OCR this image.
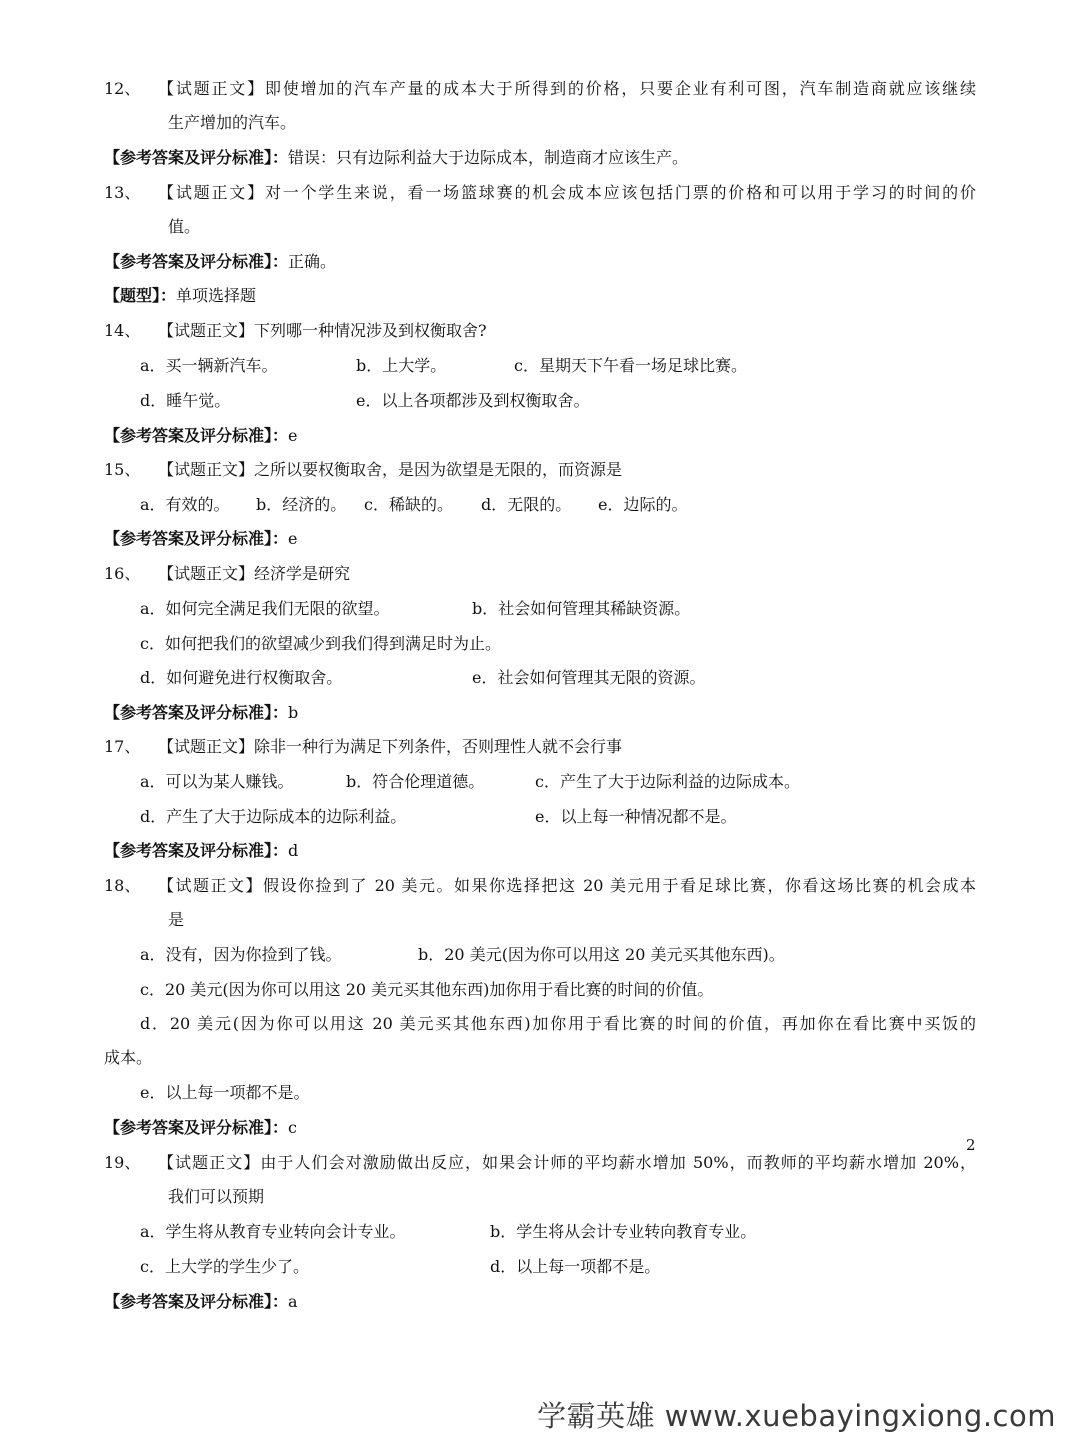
12、 【试题正文】即使增加的汽车产量的成本大于所得到的价格，只要企业有利可图，汽车制造商就应该继续
生产增加的汽车。
【参考答案及评分标准】：错误：只有边际利益大于边际成本，制造商才应该生产。
13、 【试题正文】对一个学生来说，看一场篮球赛的机会成本应该包括门票的价格和可以用于学习的时间的价
值。
【参考答案及评分标准】：正确。
【题型】：单项选择题
14、 【试题正文】下列哪一种情况涉及到权衡取舍?
a．买一辆新汽车。	b．上大学。	c．星期天下午看一场足球比赛。
d．睡午觉。	e．以上各项都涉及到权衡取舍。
【参考答案及评分标准】：e
15、 【试题正文】之所以要权衡取舍，是因为欲望是无限的，而资源是
a．有效的。 b．经济的。 c．稀缺的。 d．无限的。 e．边际的。
【参考答案及评分标准】：e
16、 【试题正文】经济学是研究
a．如何完全满足我们无限的欲望。	b．社会如何管理其稀缺资源。
c．如何把我们的欲望减少到我们得到满足时为止。
d．如何避免进行权衡取舍。	e．社会如何管理其无限的资源。
【参考答案及评分标准】：b
17、 【试题正文】除非一种行为满足下列条件，否则理性人就不会行事
a．可以为某人赚钱。	b．符合伦理道德。	c．产生了大于边际利益的边际成本。
d．产生了大于边际成本的边际利益。	e．以上每一种情况都不是。
【参考答案及评分标准】：d
18、 【试题正文】假设你捡到了 20 美元。如果你选择把这 20 美元用于看足球比赛，你看这场比赛的机会成本
是
a．没有，因为你捡到了钱。	b．20 美元(因为你可以用这 20 美元买其他东西)。
c．20 美元(因为你可以用这 20 美元买其他东西)加你用于看比赛的时间的价值。
d．20 美元(因为你可以用这 20 美元买其他东西)加你用于看比赛的时间的价值，再加你在看比赛中买饭的
成本。
e．以上每一项都不是。
【参考答案及评分标准】：c
19、 【试题正文】由于人们会对激励做出反应，如果会计师的平均薪水增加 50%，而教师的平均薪水增加 20%，
我们可以预期
a．学生将从教育专业转向会计专业。	b．学生将从会计专业转向教育专业。
c．上大学的学生少了。	d．以上每一项都不是。
【参考答案及评分标准】：a
2
学霸英雄 www.xuebayingxiong.com
